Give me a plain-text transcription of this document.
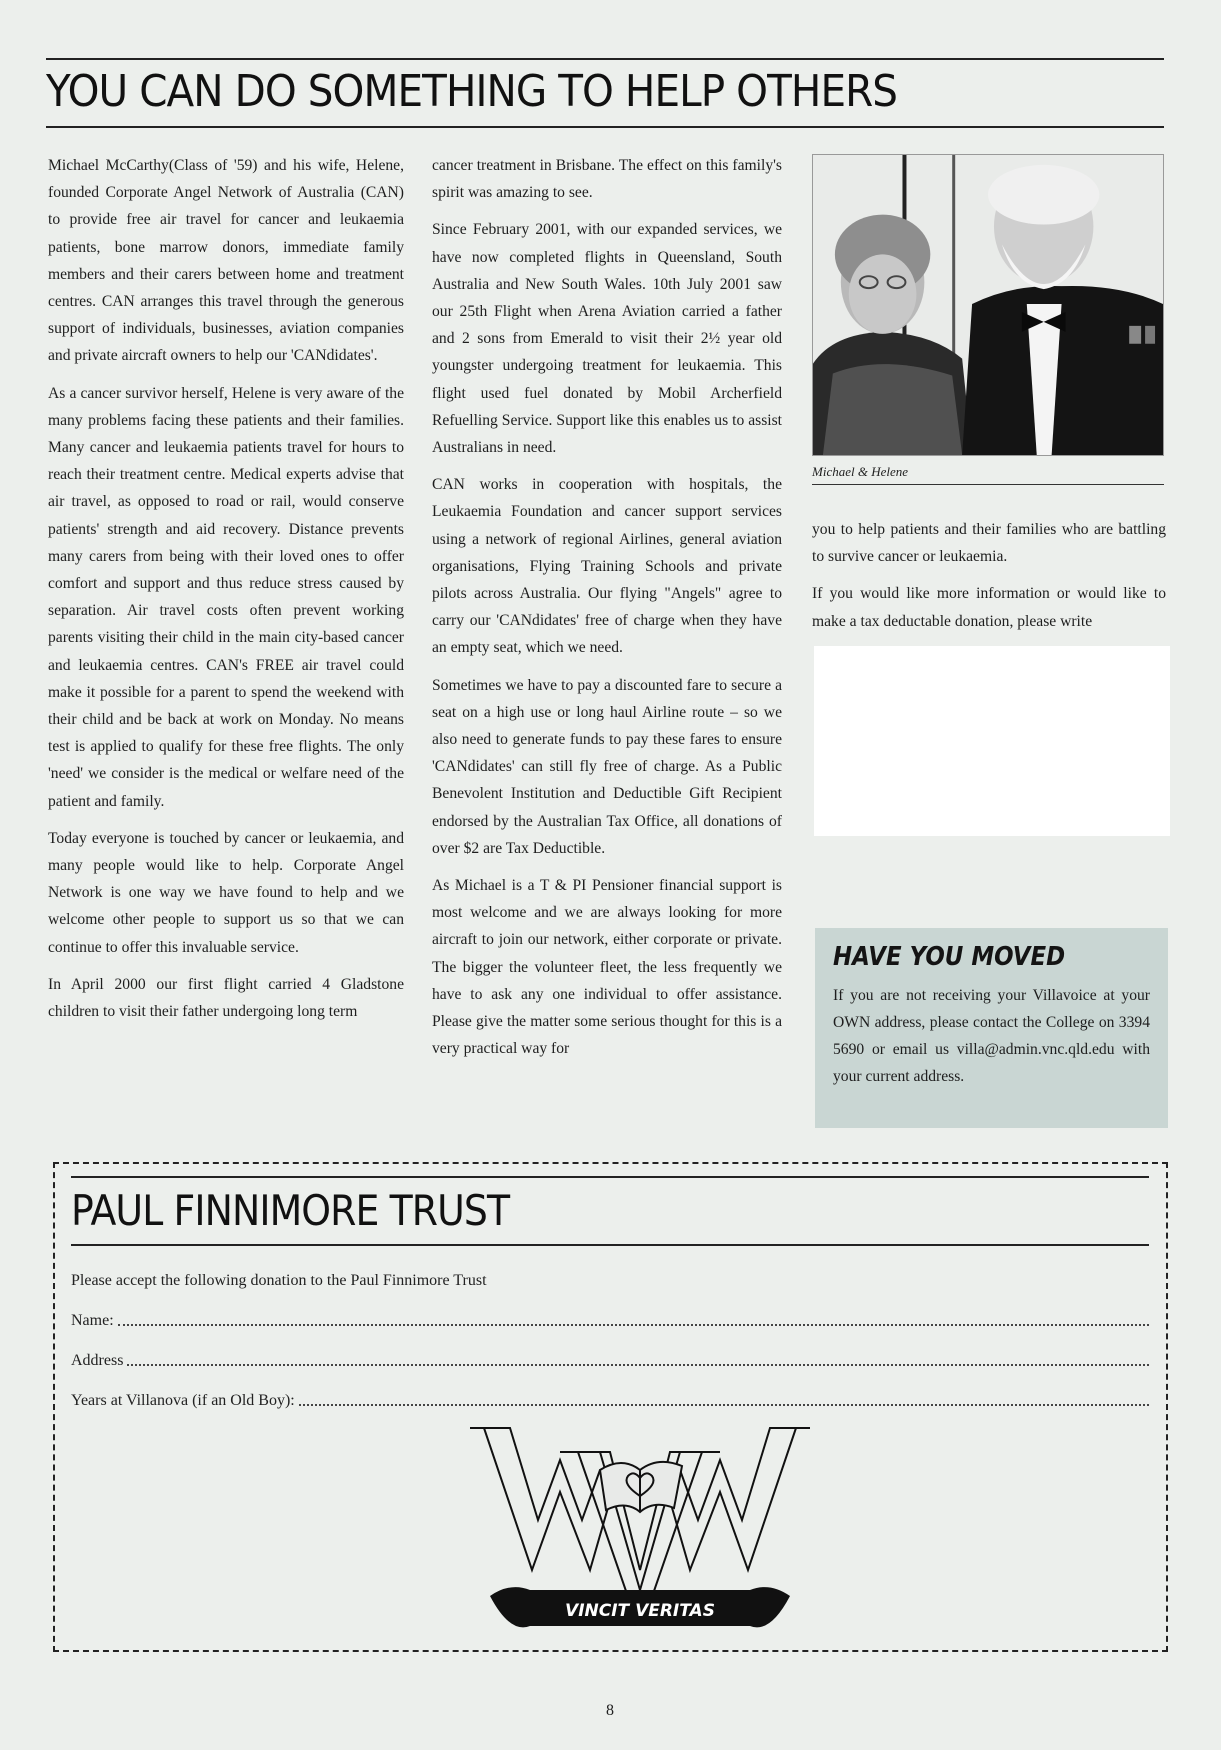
YOU CAN DO SOMETHING TO HELP OTHERS

Michael McCarthy(Class of '59) and his wife, Helene, founded Corporate Angel Network of Australia (CAN) to provide free air travel for cancer and leukaemia patients, bone marrow donors, immediate family members and their carers between home and treatment centres. CAN arranges this travel through the generous support of individuals, businesses, aviation companies and private aircraft owners to help our 'CANdidates'.

As a cancer survivor herself, Helene is very aware of the many problems facing these patients and their families. Many cancer and leukaemia patients travel for hours to reach their treatment centre. Medical experts advise that air travel, as opposed to road or rail, would conserve patients' strength and aid recovery. Distance prevents many carers from being with their loved ones to offer comfort and support and thus reduce stress caused by separation. Air travel costs often prevent working parents visiting their child in the main city-based cancer and leukaemia centres. CAN's FREE air travel could make it possible for a parent to spend the weekend with their child and be back at work on Monday. No means test is applied to qualify for these free flights. The only 'need' we consider is the medical or welfare need of the patient and family.

Today everyone is touched by cancer or leukaemia, and many people would like to help. Corporate Angel Network is one way we have found to help and we welcome other people to support us so that we can continue to offer this invaluable service.

In April 2000 our first flight carried 4 Gladstone children to visit their father undergoing long term

cancer treatment in Brisbane. The effect on this family's spirit was amazing to see.

Since February 2001, with our expanded services, we have now completed flights in Queensland, South Australia and New South Wales. 10th July 2001 saw our 25th Flight when Arena Aviation carried a father and 2 sons from Emerald to visit their 2½ year old youngster undergoing treatment for leukaemia. This flight used fuel donated by Mobil Archerfield Refuelling Service. Support like this enables us to assist Australians in need.

CAN works in cooperation with hospitals, the Leukaemia Foundation and cancer support services using a network of regional Airlines, general aviation organisations, Flying Training Schools and private pilots across Australia. Our flying "Angels" agree to carry our 'CANdidates' free of charge when they have an empty seat, which we need.

Sometimes we have to pay a discounted fare to secure a seat on a high use or long haul Airline route – so we also need to generate funds to pay these fares to ensure 'CANdidates' can still fly free of charge. As a Public Benevolent Institution and Deductible Gift Recipient endorsed by the Australian Tax Office, all donations of over $2 are Tax Deductible.

As Michael is a T & PI Pensioner financial support is most welcome and we are always looking for more aircraft to join our network, either corporate or private. The bigger the volunteer fleet, the less frequently we have to ask any one individual to offer assistance. Please give the matter some serious thought for this is a very practical way for

Michael & Helene

you to help patients and their families who are battling to survive cancer or leukaemia.

If you would like more information or would like to make a tax deductable donation, please write

HAVE YOU MOVED
If you are not receiving your Villavoice at your OWN address, please contact the College on 3394 5690 or email us villa@admin.vnc.qld.edu with your current address.
PAUL FINNIMORE TRUST
Please accept the following donation to the Paul Finnimore Trust
Name:
Address
Years at Villanova (if an Old Boy):
VINCIT VERITAS
8
